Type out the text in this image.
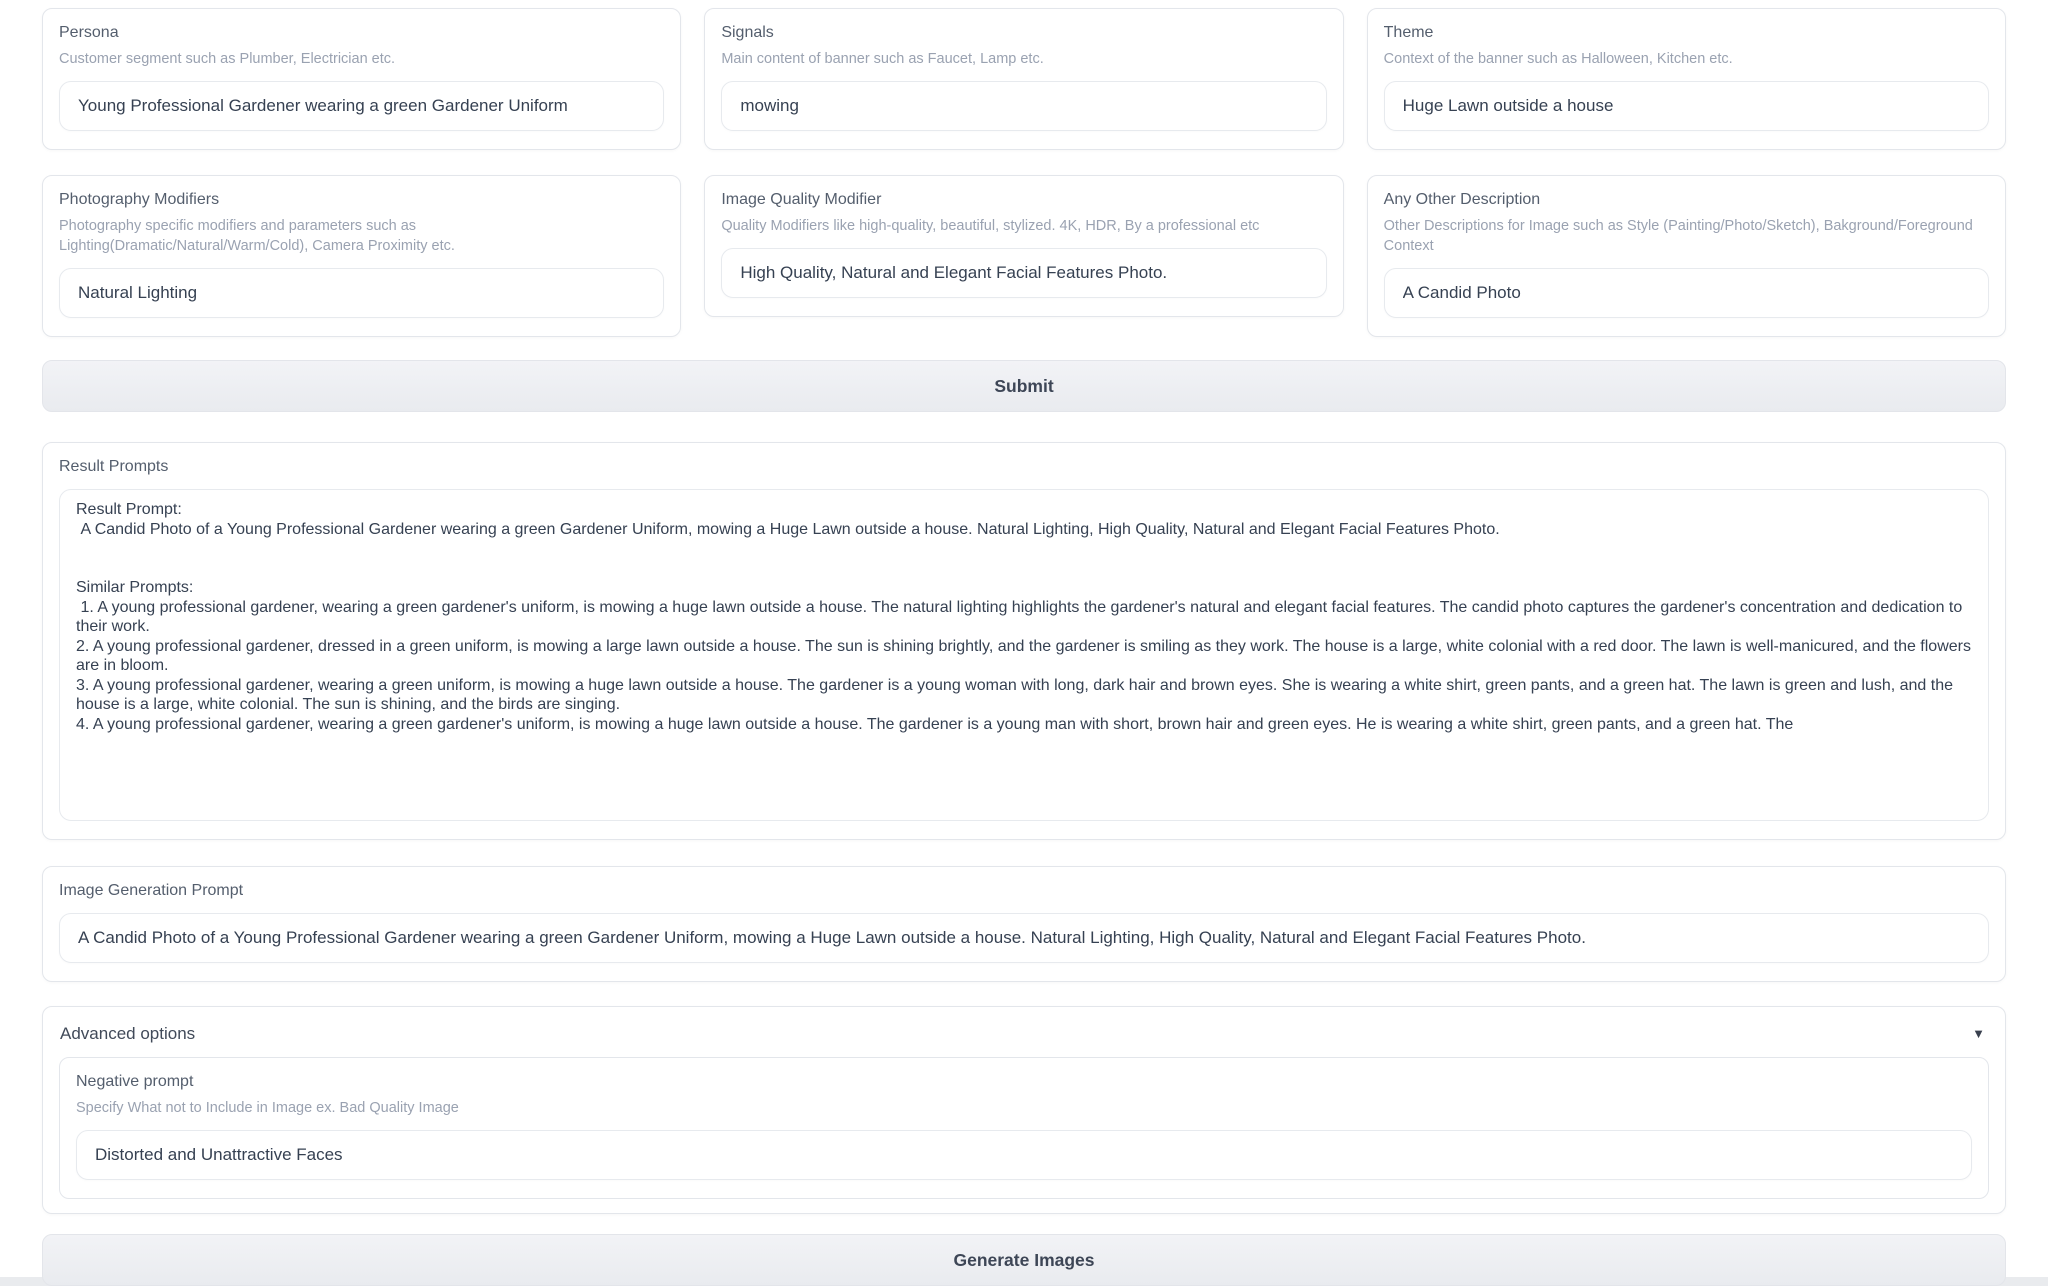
Persona
Customer segment such as Plumber, Electrician etc.
Young Professional Gardener wearing a green Gardener Uniform
Signals
Main content of banner such as Faucet, Lamp etc.
mowing
Theme
Context of the banner such as Halloween, Kitchen etc.
Huge Lawn outside a house
Photography Modifiers
Photography specific modifiers and parameters such as Lighting(Dramatic/Natural/Warm/Cold), Camera Proximity etc.
Natural Lighting
Image Quality Modifier
Quality Modifiers like high-quality, beautiful, stylized. 4K, HDR, By a professional etc
High Quality, Natural and Elegant Facial Features Photo.
Any Other Description
Other Descriptions for Image such as Style (Painting/Photo/Sketch), Bakground/Foreground Context
A Candid Photo
Submit
Result Prompts
Result Prompt: A Candid Photo of a Young Professional Gardener wearing a green Gardener Uniform, mowing a Huge Lawn outside a house. Natural Lighting, High Quality, Natural and Elegant Facial Features Photo. Similar Prompts: 1. A young professional gardener, wearing a green gardener's uniform, is mowing a huge lawn outside a house. The natural lighting highlights the gardener's natural and elegant facial features. The candid photo captures the gardener's concentration and dedication to their work. 2. A young professional gardener, dressed in a green uniform, is mowing a large lawn outside a house. The sun is shining brightly, and the gardener is smiling as they work. The house is a large, white colonial with a red door. The lawn is well-manicured, and the flowers are in bloom. 3. A young professional gardener, wearing a green uniform, is mowing a huge lawn outside a house. The gardener is a young woman with long, dark hair and brown eyes. She is wearing a white shirt, green pants, and a green hat. The lawn is green and lush, and the house is a large, white colonial. The sun is shining, and the birds are singing. 4. A young professional gardener, wearing a green gardener's uniform, is mowing a huge lawn outside a house. The gardener is a young man with short, brown hair and green eyes. He is wearing a white shirt, green pants, and a green hat. The
Image Generation Prompt
A Candid Photo of a Young Professional Gardener wearing a green Gardener Uniform, mowing a Huge Lawn outside a house. Natural Lighting, High Quality, Natural and Elegant Facial Features Photo.
Advanced options	▼
Negative prompt
Specify What not to Include in Image ex. Bad Quality Image
Distorted and Unattractive Faces
Generate Images
